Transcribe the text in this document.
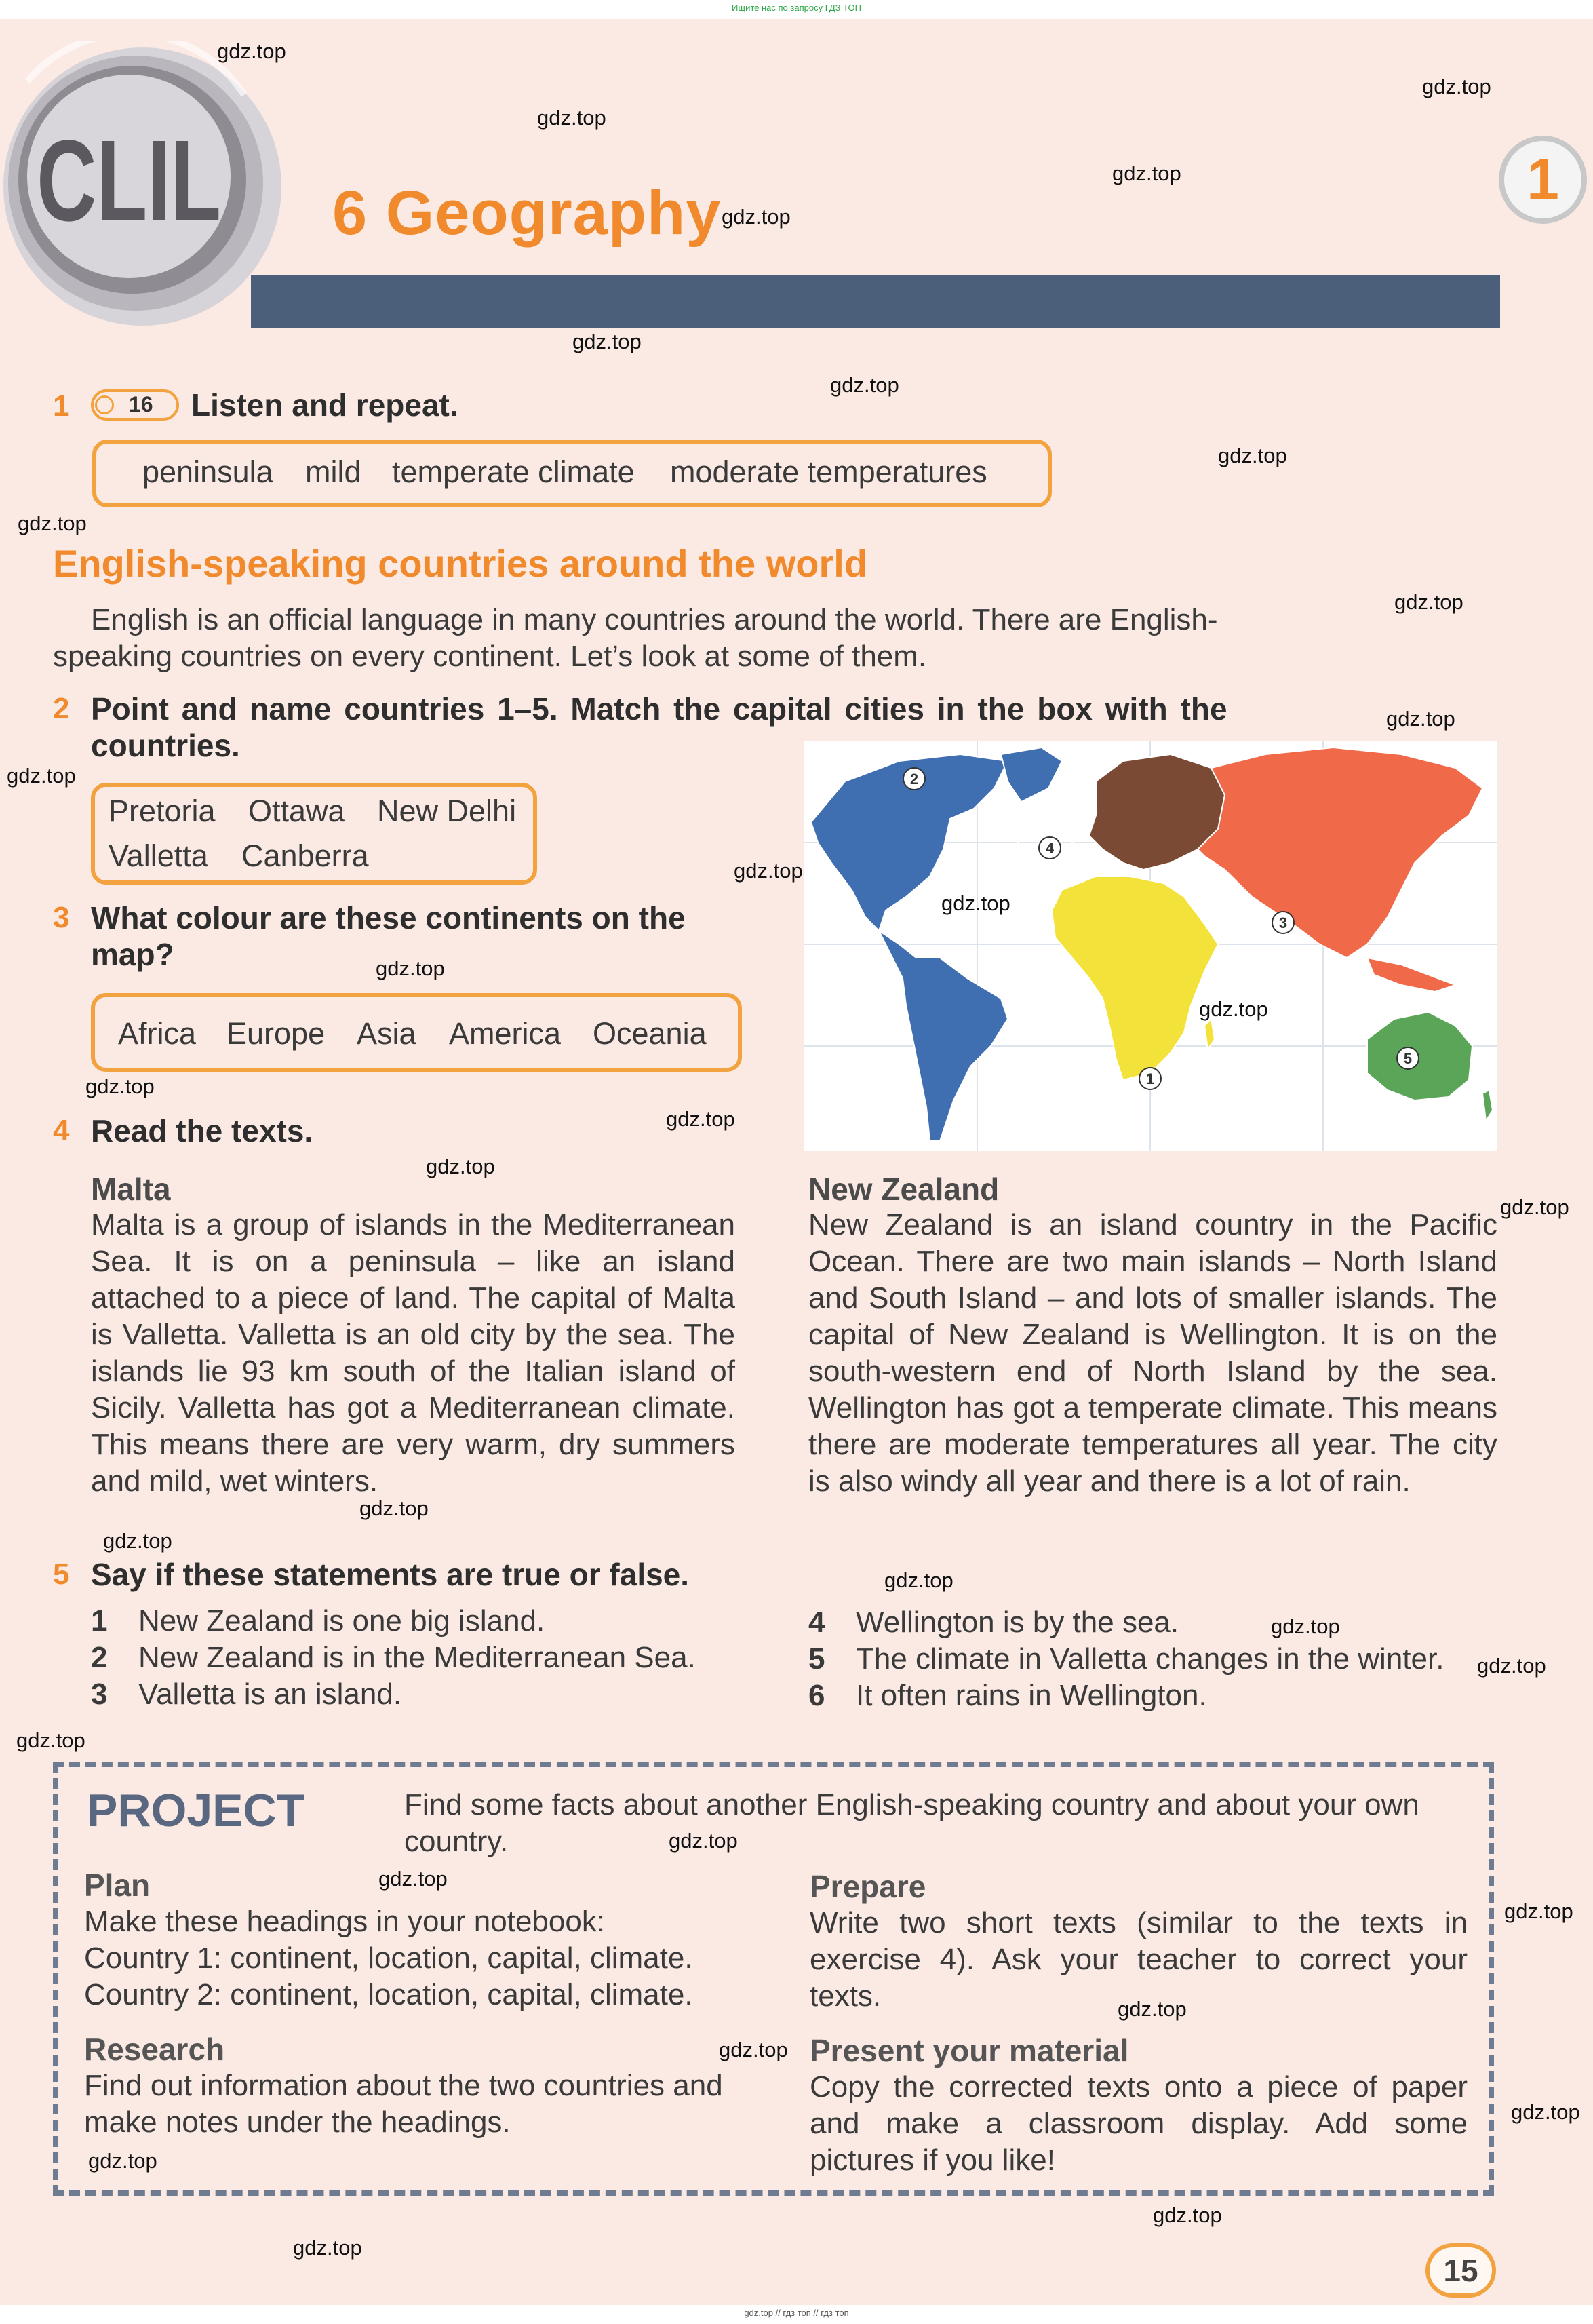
Ищите нас по запросу ГДЗ ТОП
gdz.top // гдз топ // гдз топ
CLIL 6 Geography	1
1	16 Listen and repeat.
peninsula mild temperate climate moderate temperatures
English-speaking countries around the world
English is an official language in many countries around the world. There are English-speaking countries on every continent. Let’s look at some of them.
2 Point and name countries 1–5. Match the capital cities in the box with the
countries.
Pretoria Ottawa New Delhi
Valletta Canberra
3 What colour are these continents on the
map?
Africa Europe Asia America Oceania
1
2
3
4
5
4 Read the texts.
Malta
Malta is a group of islands in the Mediterranean Sea. It is on a peninsula – like an island attached to a piece of land. The capital of Malta is Valletta. Valletta is an old city by the sea. The islands lie 93 km south of the Italian island of Sicily. Valletta has got a Mediterranean climate. This means there are very warm, dry summers and mild, wet winters.
New Zealand
New Zealand is an island country in the Pacific Ocean. There are two main islands – North Island and South Island – and lots of smaller islands. The capital of New Zealand is Wellington. It is on the south-western end of North Island by the sea. Wellington has got a temperate climate. This means there are moderate temperatures all year. The city is also windy all year and there is a lot of rain.
5 Say if these statements are true or false.
1 New Zealand is one big island.
2 New Zealand is in the Mediterranean Sea.
3 Valletta is an island.
4 Wellington is by the sea.
5 The climate in Valletta changes in the winter.
6 It often rains in Wellington.
PROJECT	Find some facts about another English-speaking country and about your own country.
Plan
Make these headings in your notebook:
Country 1: continent, location, capital, climate.
Country 2: continent, location, capital, climate.
Research
Find out information about the two countries and make notes under the headings.
Prepare
Write two short texts (similar to the texts in exercise 4). Ask your teacher to correct your texts.
Present your material
Copy the corrected texts onto a piece of paper and make a classroom display. Add some pictures if you like!
15
gdz.top
gdz.top
gdz.top
gdz.top
gdz.top
gdz.top
gdz.top
gdz.top
gdz.top
gdz.top
gdz.top
gdz.top
gdz.top
gdz.top
gdz.top
gdz.top
gdz.top
gdz.top
gdz.top
gdz.top
gdz.top
gdz.top
gdz.top
gdz.top
gdz.top
gdz.top
gdz.top
gdz.top
gdz.top
gdz.top
gdz.top
gdz.top
gdz.top
gdz.top
gdz.top
